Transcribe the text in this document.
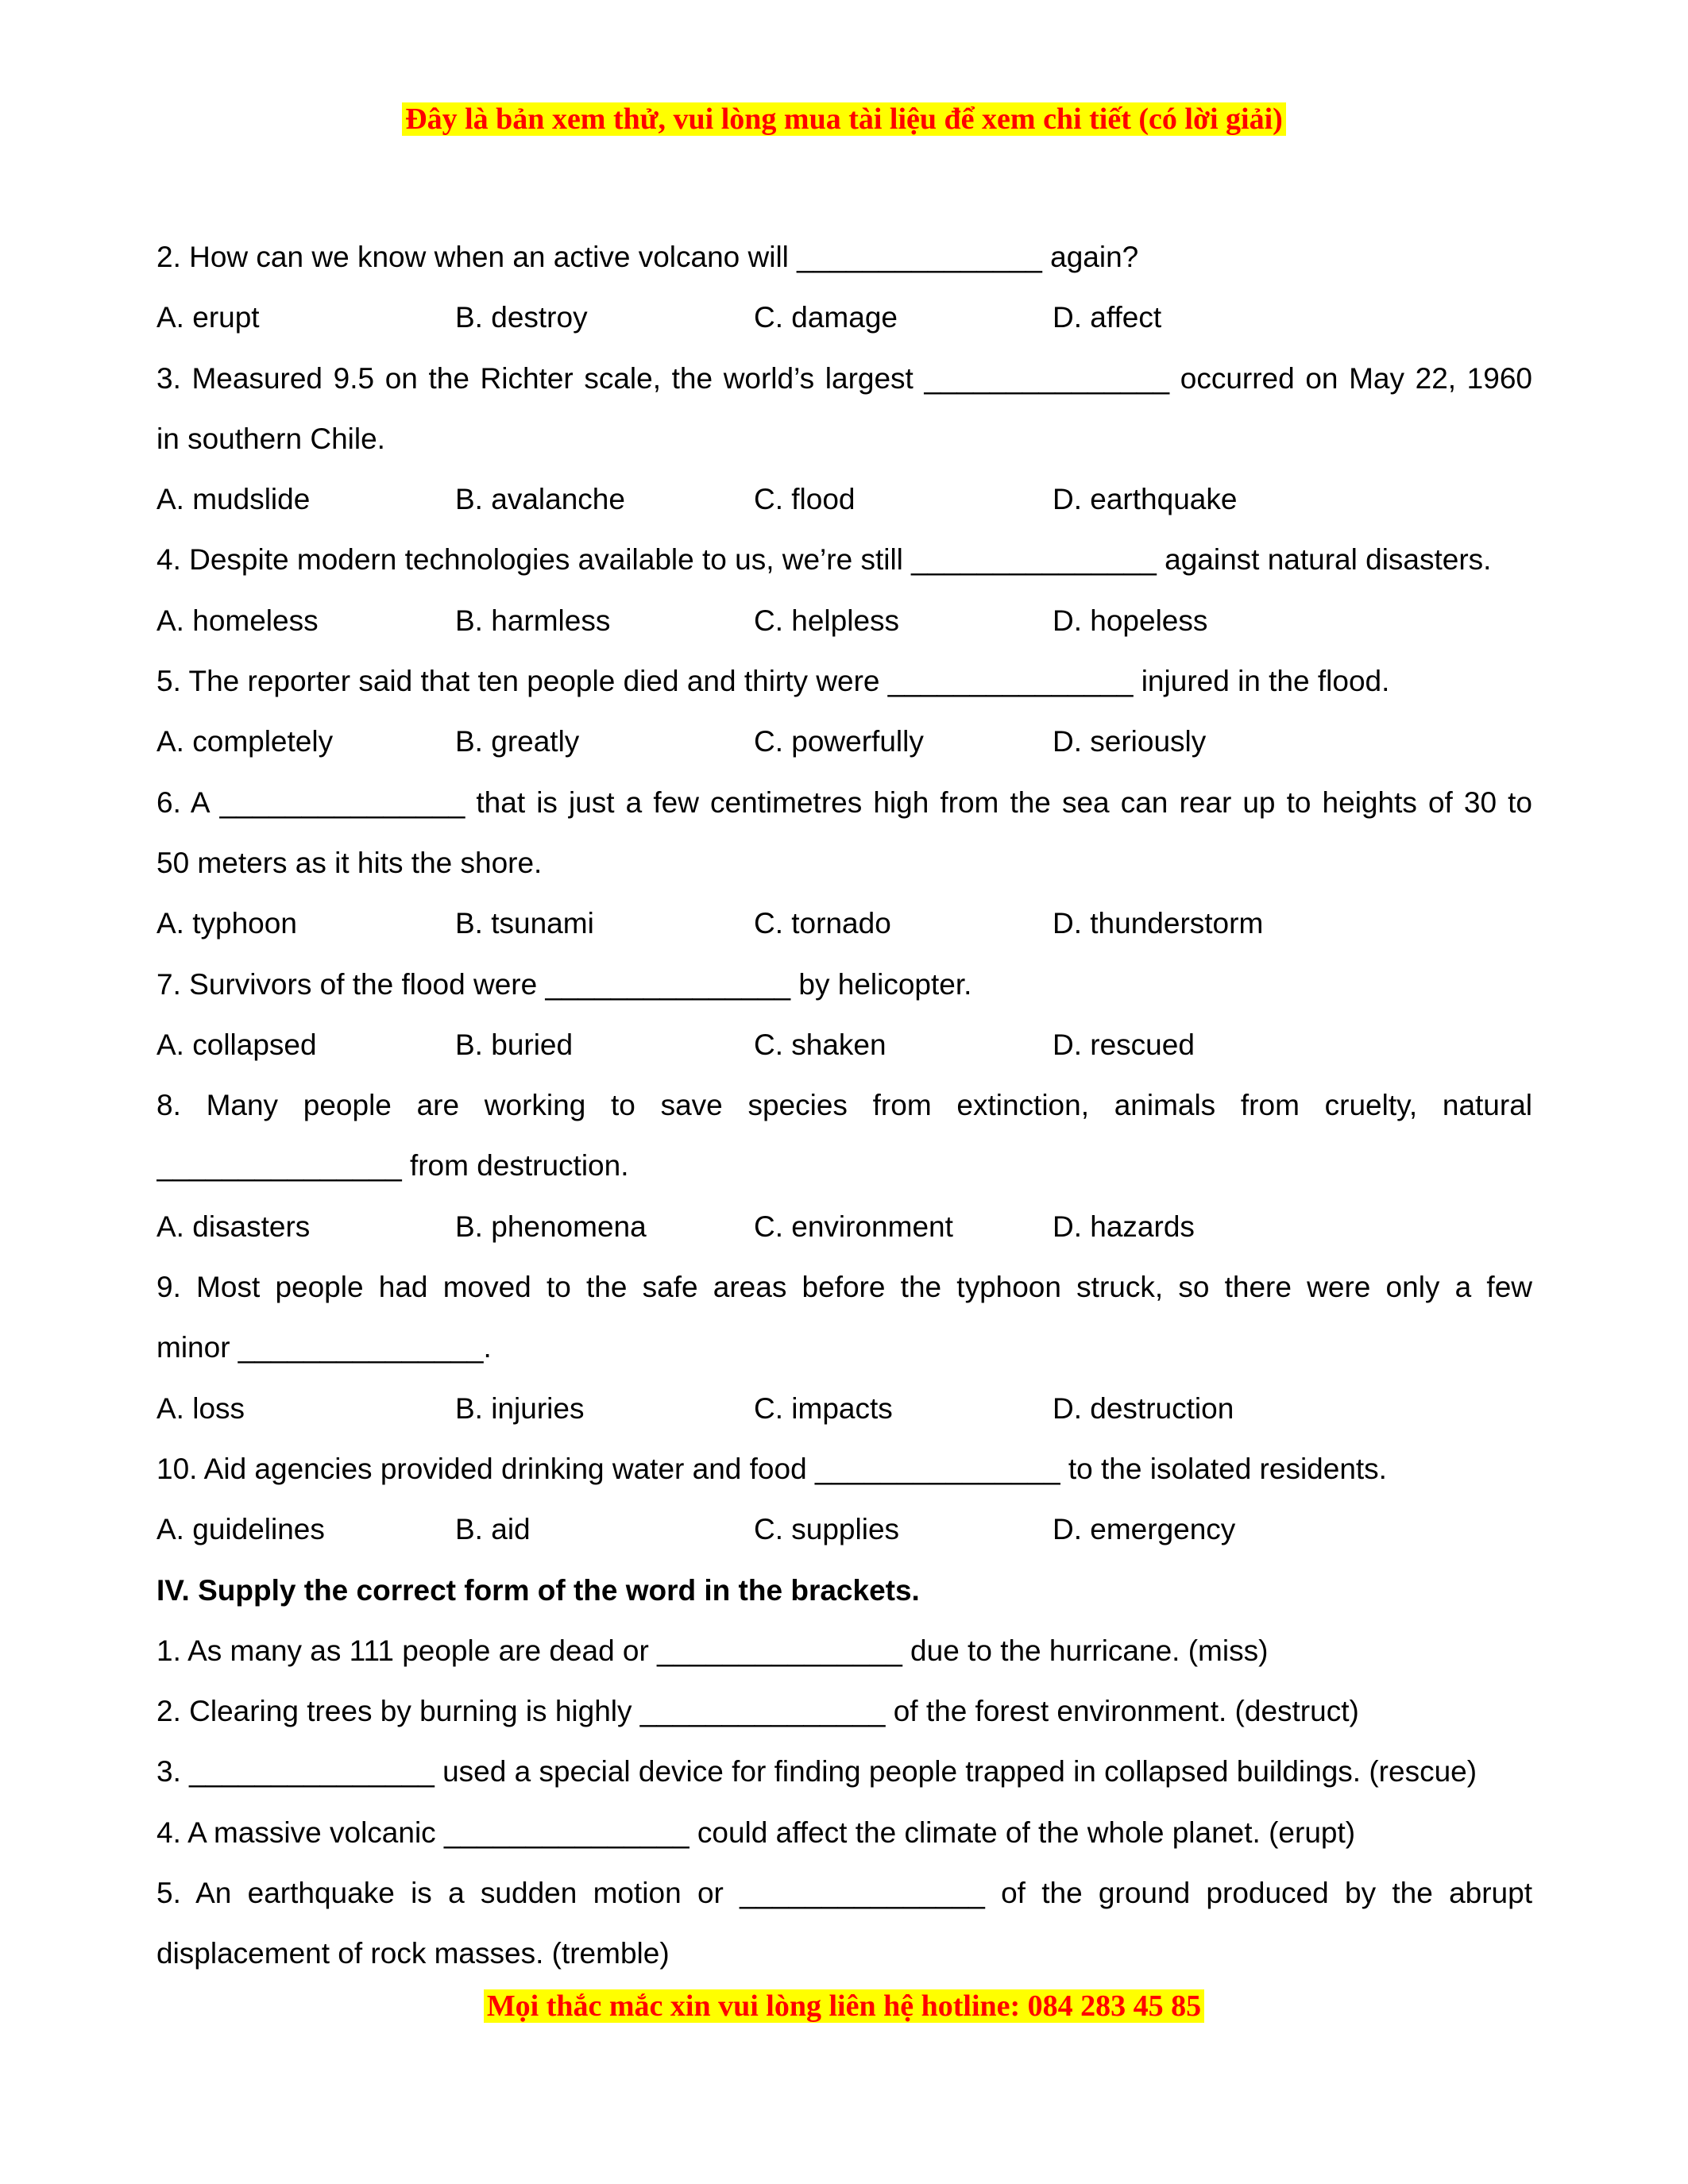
Đây là bản xem thử, vui lòng mua tài liệu để xem chi tiết (có lời giải)
2. How can we know when an active volcano will _______________ again?
A. erupt	B. destroy	C. damage	D. affect
3. Measured 9.5 on the Richter scale, the world’s largest _______________ occurred on May 22, 1960
in southern Chile.
A. mudslide	B. avalanche	C. flood	D. earthquake
4. Despite modern technologies available to us, we’re still _______________ against natural disasters.
A. homeless	B. harmless	C. helpless	D. hopeless
5. The reporter said that ten people died and thirty were _______________ injured in the flood.
A. completely	B. greatly	C. powerfully	D. seriously
6. A _______________ that is just a few centimetres high from the sea can rear up to heights of 30 to
50 meters as it hits the shore.
A. typhoon	B. tsunami	C. tornado	D. thunderstorm
7. Survivors of the flood were _______________ by helicopter.
A. collapsed	B. buried	C. shaken	D. rescued
8. Many people are working to save species from extinction, animals from cruelty, natural
_______________ from destruction.
A. disasters	B. phenomena	C. environment	D. hazards
9. Most people had moved to the safe areas before the typhoon struck, so there were only a few
minor _______________.
A. loss	B. injuries	C. impacts	D. destruction
10. Aid agencies provided drinking water and food _______________ to the isolated residents.
A. guidelines	B. aid	C. supplies	D. emergency
IV. Supply the correct form of the word in the brackets.
1. As many as 111 people are dead or _______________ due to the hurricane. (miss)
2. Clearing trees by burning is highly _______________ of the forest environment. (destruct)
3. _______________ used a special device for finding people trapped in collapsed buildings. (rescue)
4. A massive volcanic _______________ could affect the climate of the whole planet. (erupt)
5. An earthquake is a sudden motion or _______________ of the ground produced by the abrupt
displacement of rock masses. (tremble)
Mọi thắc mắc xin vui lòng liên hệ hotline: 084 283 45 85
